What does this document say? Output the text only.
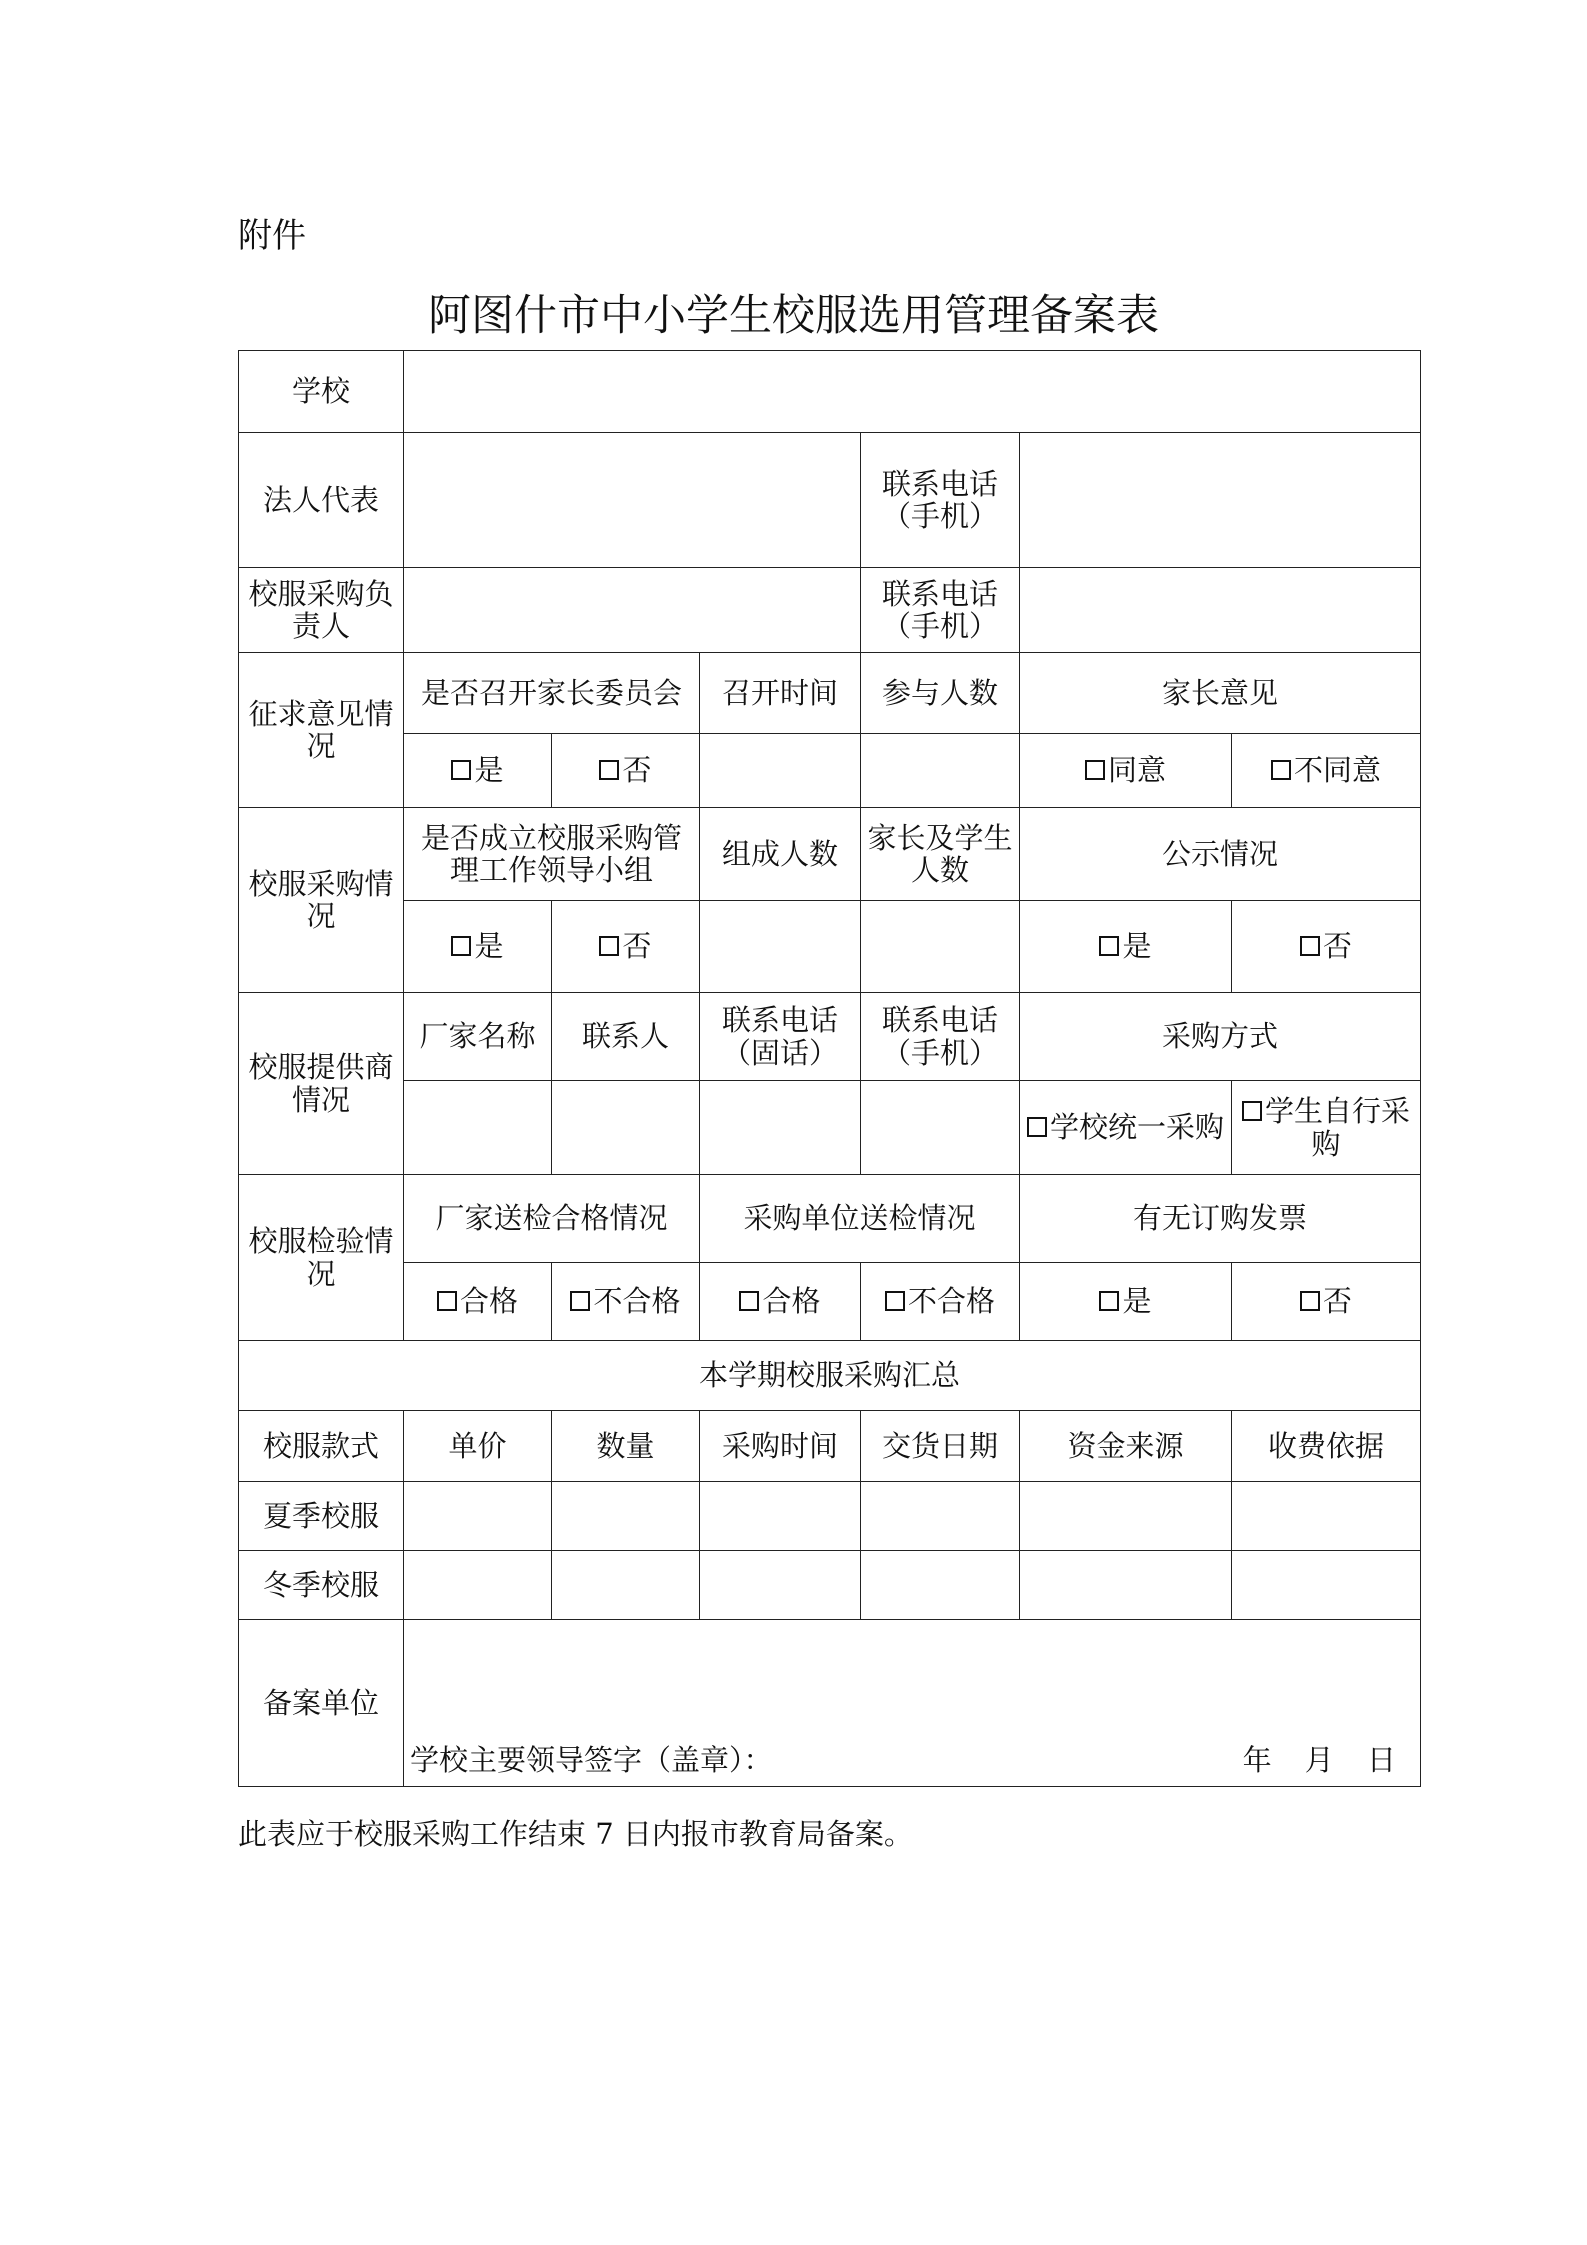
附件
阿图什市中小学生校服选用管理备案表
学校						
法人代表				联系电话（手机）		
校服采购负责人				联系电话（手机）		
征求意见情况	是否召开家长委员会		召开时间	参与人数	家长意见	
	是	否			同意	不同意
校服采购情况	是否成立校服采购管理工作领导小组		组成人数	家长及学生人数	公示情况	
	是	否			是	否
校服提供商情况	厂家名称	联系人	联系电话（固话）	联系电话（手机）	采购方式	
					学校统一采购	学生自行采购
校服检验情况	厂家送检合格情况		采购单位送检情况		有无订购发票	
	合格	不合格	合格	不合格	是	否
本学期校服采购汇总						
校服款式	单价	数量	采购时间	交货日期	资金来源	收费依据
夏季校服						
冬季校服						
备案单位	学校主要领导签字（盖章）： 年 月 日					
此表应于校服采购工作结束 7 日内报市教育局备案。
